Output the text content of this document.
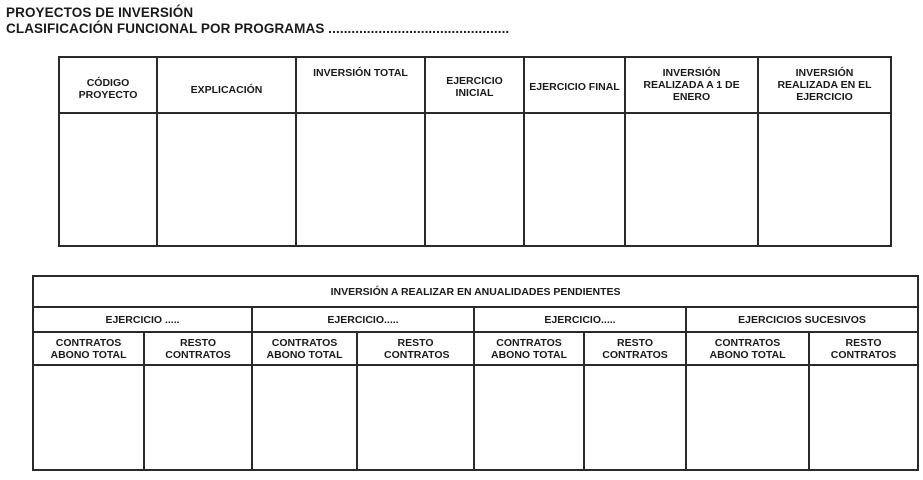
PROYECTOS DE INVERSIÓN
CLASIFICACIÓN FUNCIONAL POR PROGRAMAS ...............................................
CÓDIGO PROYECTO	EXPLICACIÓN	INVERSIÓN TOTAL	EJERCICIO INICIAL	EJERCICIO FINAL	INVERSIÓN REALIZADA A 1 DE ENERO	INVERSIÓN REALIZADA EN EL EJERCICIO

INVERSIÓN A REALIZAR EN ANUALIDADES PENDIENTES							
EJERCICIO .....		EJERCICIO.....		EJERCICIO.....		EJERCICIOS SUCESIVOS	
CONTRATOS ABONO TOTAL	RESTO CONTRATOS	CONTRATOS ABONO TOTAL	RESTO CONTRATOS	CONTRATOS ABONO TOTAL	RESTO CONTRATOS	CONTRATOS ABONO TOTAL	RESTO CONTRATOS
